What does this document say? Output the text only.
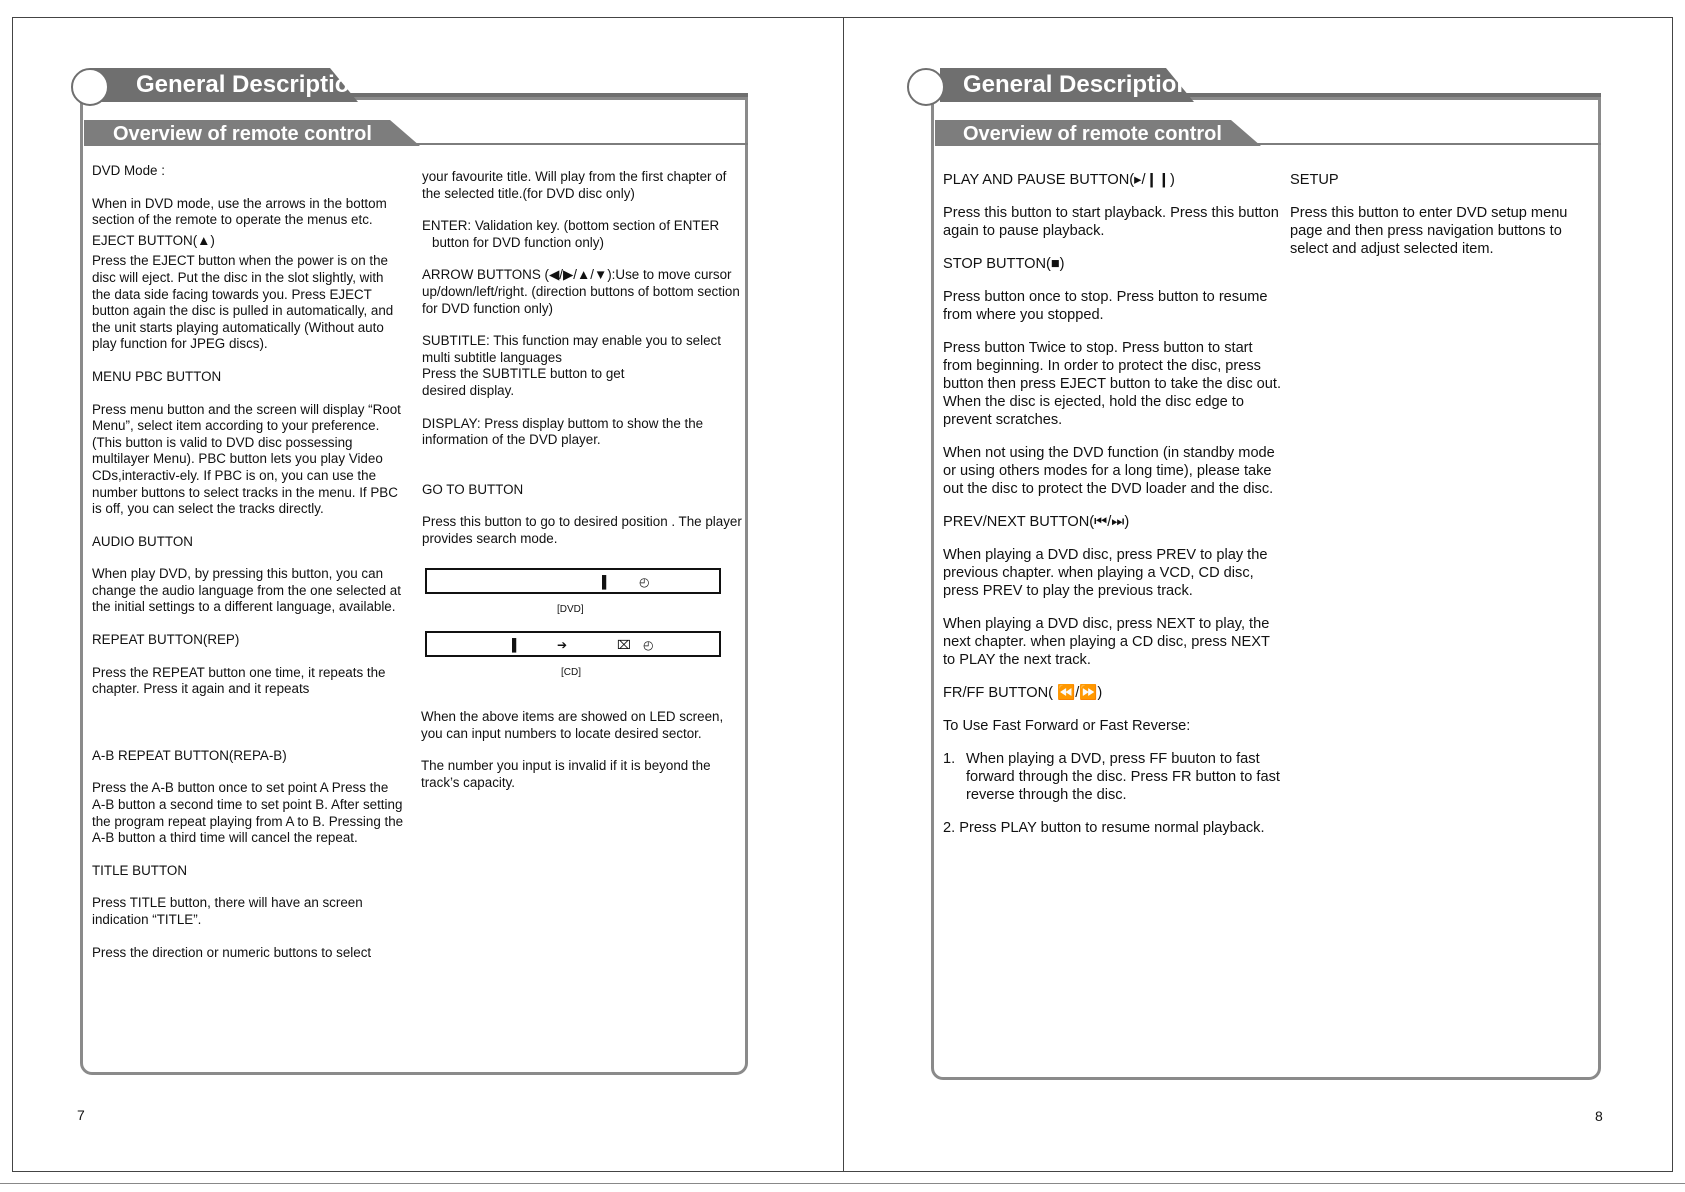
General Description
Overview of remote control

DVD Mode :

When in DVD mode, use the arrows in the bottom section of the remote to operate the menus etc.

EJECT BUTTON(▲)

Press the EJECT button when the power is on the disc will eject. Put the disc in the slot slightly, with the data side facing towards you. Press EJECT button again the disc is pulled in automatically, and the unit starts playing automatically (Without auto play function for JPEG discs).

MENU PBC BUTTON

Press menu button and the screen will display “Root Menu”, select item according to your preference. (This button is valid to DVD disc possessing multilayer Menu). PBC button lets you play Video CDs,interactiv-ely. If PBC is on, you can use the number buttons to select tracks in the menu. If PBC is off, you can select the tracks directly.

AUDIO BUTTON

When play DVD, by pressing this button, you can change the audio language from the one selected at the initial settings to a different language, available.

REPEAT BUTTON(REP)

Press the REPEAT button one time, it repeats the chapter. Press it again and it repeats

A-B REPEAT BUTTON(REPA-B)

Press the A-B button once to set point A Press the A-B button a second time to set point B. After setting the program repeat playing from A to B. Pressing the A-B button a third time will cancel the repeat.

TITLE BUTTON

Press TITLE button, there will have an screen indication “TITLE”.

Press the direction or numeric buttons to select

your favourite title. Will play from the first chapter of the selected title.(for DVD disc only)

ENTER: Validation key. (bottom section of ENTER

button for DVD function only)

ARROW BUTTONS (◀/▶/▲/▼):Use to move cursor up/down/left/right. (direction buttons of bottom section for DVD function only)

SUBTITLE: This function may enable you to select multi subtitle languages

Press the SUBTITLE button to get desired display.

DISPLAY: Press display buttom to show the the information of the DVD player.

GO TO BUTTON

Press this button to go to desired position . The player provides search mode.

▌ ◴
[DVD]
▌	➔	⌧ ◴
[CD]

When the above items are showed on LED screen, you can input numbers to locate desired sector.

The number you input is invalid if it is beyond the track’s capacity.

7
General Description
Overview of remote control

PLAY AND PAUSE BUTTON(▸/❙❙)

Press this button to start playback. Press this button again to pause playback.

STOP BUTTON(■)

Press button once to stop. Press button to resume from where you stopped.

Press button Twice to stop. Press button to start from beginning. In order to protect the disc, press button then press EJECT button to take the disc out. When the disc is ejected, hold the disc edge to prevent scratches.

When not using the DVD function (in standby mode or using others modes for a long time), please take out the disc to protect the DVD loader and the disc.

PREV/NEXT BUTTON(⏮/⏭)

When playing a DVD disc, press PREV to play the previous chapter. when playing a VCD, CD disc, press PREV to play the previous track.

When playing a DVD disc, press NEXT to play, the next chapter. when playing a CD disc, press NEXT to PLAY the next track.

FR/FF BUTTON( ⏪/⏩)

To Use Fast Forward or Fast Reverse:

1. When playing a DVD, press FF buuton to fast forward through the disc. Press FR button to fast reverse through the disc.

2. Press PLAY button to resume normal playback.

SETUP

Press this button to enter DVD setup menu page and then press navigation buttons to select and adjust selected item.

8
